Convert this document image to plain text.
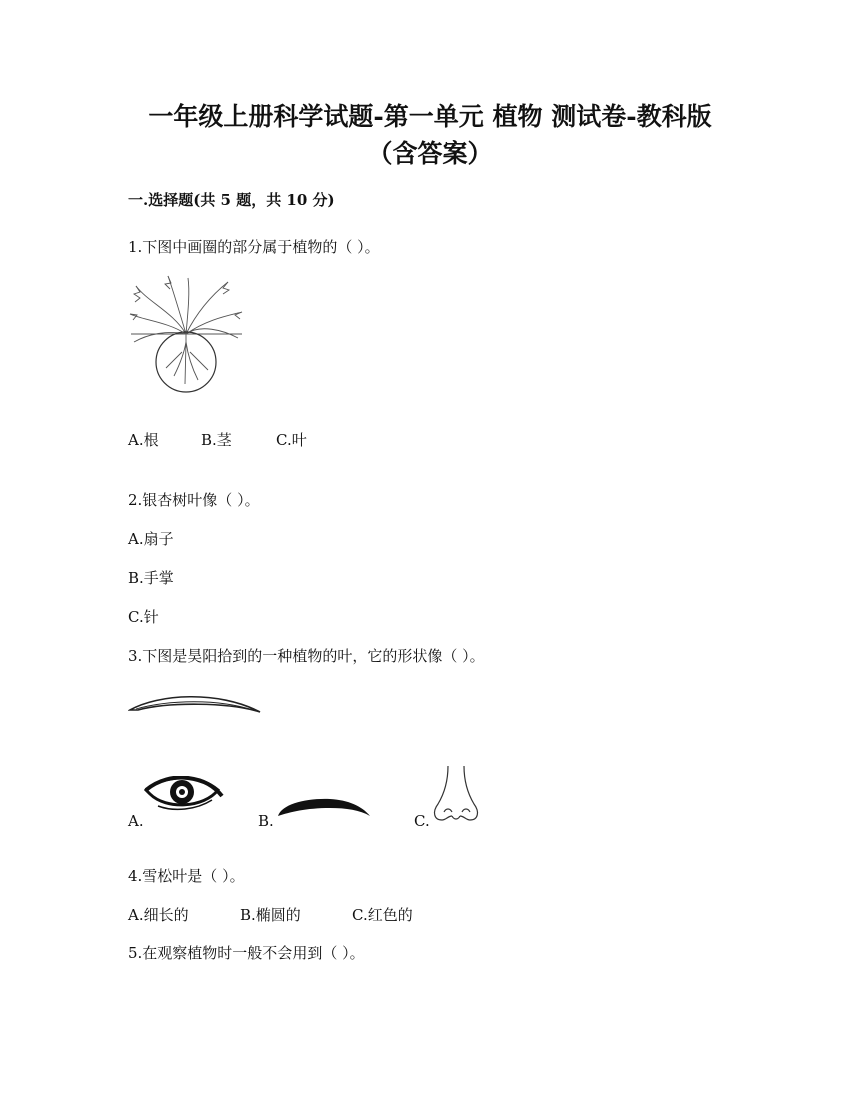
一年级上册科学试题-第一单元 植物 测试卷-教科版
（含答案）
一.选择题(共 5 题，共 10 分)
1.下图中画圈的部分属于植物的（ ）。
A.根	B.茎	C.叶
2.银杏树叶像（ ）。
A.扇子
B.手掌
C.针
3.下图是昊阳拾到的一种植物的叶，它的形状像（ ）。
A.	B.	C.
4.雪松叶是（ ）。
A.细长的	B.椭圆的	C.红色的
5.在观察植物时一般不会用到（ ）。
